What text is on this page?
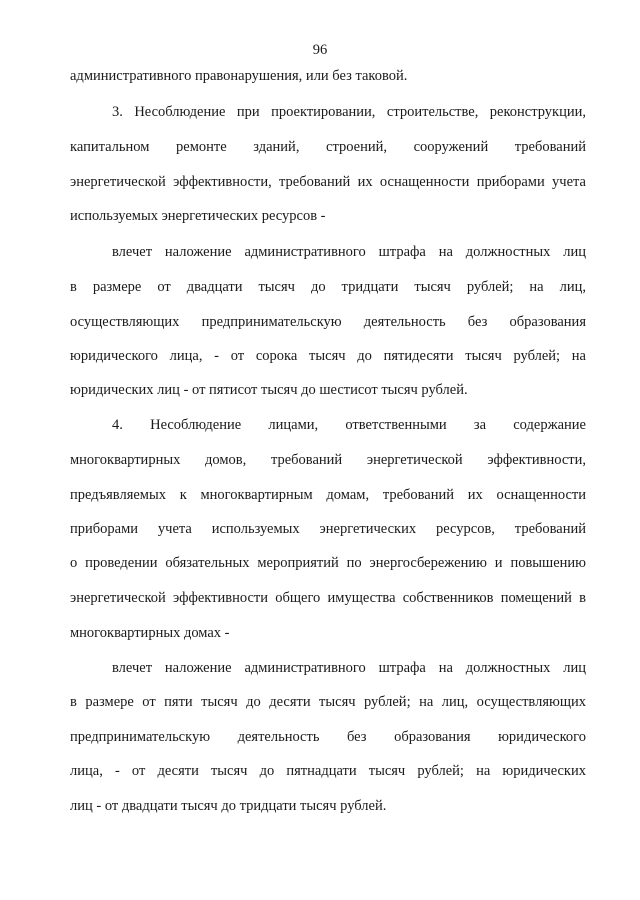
96
административного правонарушения, или без таковой.
3. Несоблюдение при проектировании, строительстве, реконструкции,
капитальном ремонте зданий, строений, сооружений требований
энергетической эффективности, требований их оснащенности приборами учета
используемых энергетических ресурсов -
влечет наложение административного штрафа на должностных лиц
в размере от двадцати тысяч до тридцати тысяч рублей; на лиц,
осуществляющих предпринимательскую деятельность без образования
юридического лица, - от сорока тысяч до пятидесяти тысяч рублей; на
юридических лиц - от пятисот тысяч до шестисот тысяч рублей.
4. Несоблюдение лицами, ответственными за содержание
многоквартирных домов, требований энергетической эффективности,
предъявляемых к многоквартирным домам, требований их оснащенности
приборами учета используемых энергетических ресурсов, требований
о проведении обязательных мероприятий по энергосбережению и повышению
энергетической эффективности общего имущества собственников помещений в
многоквартирных домах -
влечет наложение административного штрафа на должностных лиц
в размере от пяти тысяч до десяти тысяч рублей; на лиц, осуществляющих
предпринимательскую деятельность без образования юридического
лица, - от десяти тысяч до пятнадцати тысяч рублей; на юридических
лиц - от двадцати тысяч до тридцати тысяч рублей.
